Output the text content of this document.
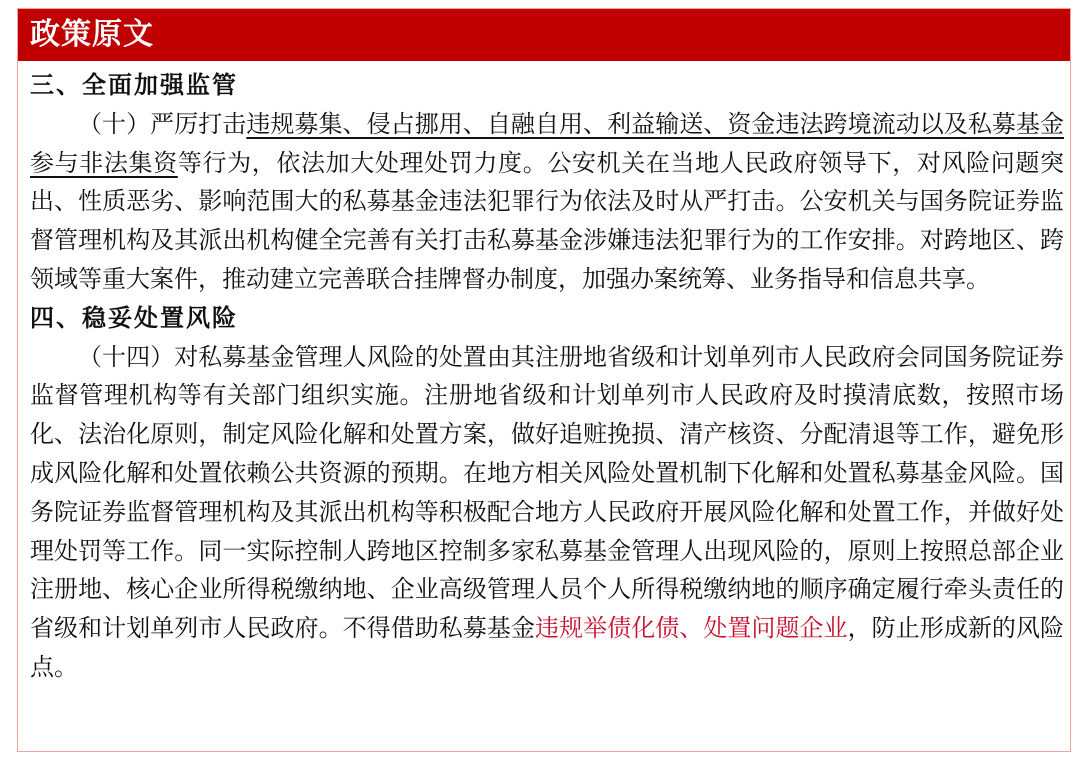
政策原文

三、全面加强监管

（十）严厉打击违规募集、侵占挪用、自融自用、利益输送、资金违法跨境流动以及私募基金参与非法集资等行为，依法加大处理处罚力度。公安机关在当地人民政府领导下，对风险问题突出、性质恶劣、影响范围大的私募基金违法犯罪行为依法及时从严打击。公安机关与国务院证券监督管理机构及其派出机构健全完善有关打击私募基金涉嫌违法犯罪行为的工作安排。对跨地区、跨领域等重大案件，推动建立完善联合挂牌督办制度，加强办案统筹、业务指导和信息共享。

四、稳妥处置风险

（十四）对私募基金管理人风险的处置由其注册地省级和计划单列市人民政府会同国务院证券监督管理机构等有关部门组织实施。注册地省级和计划单列市人民政府及时摸清底数，按照市场化、法治化原则，制定风险化解和处置方案，做好追赃挽损、清产核资、分配清退等工作，避免形成风险化解和处置依赖公共资源的预期。在地方相关风险处置机制下化解和处置私募基金风险。国务院证券监督管理机构及其派出机构等积极配合地方人民政府开展风险化解和处置工作，并做好处理处罚等工作。同一实际控制人跨地区控制多家私募基金管理人出现风险的，原则上按照总部企业注册地、核心企业所得税缴纳地、企业高级管理人员个人所得税缴纳地的顺序确定履行牵头责任的省级和计划单列市人民政府。不得借助私募基金违规举债化债、处置问题企业，防止形成新的风险点。
